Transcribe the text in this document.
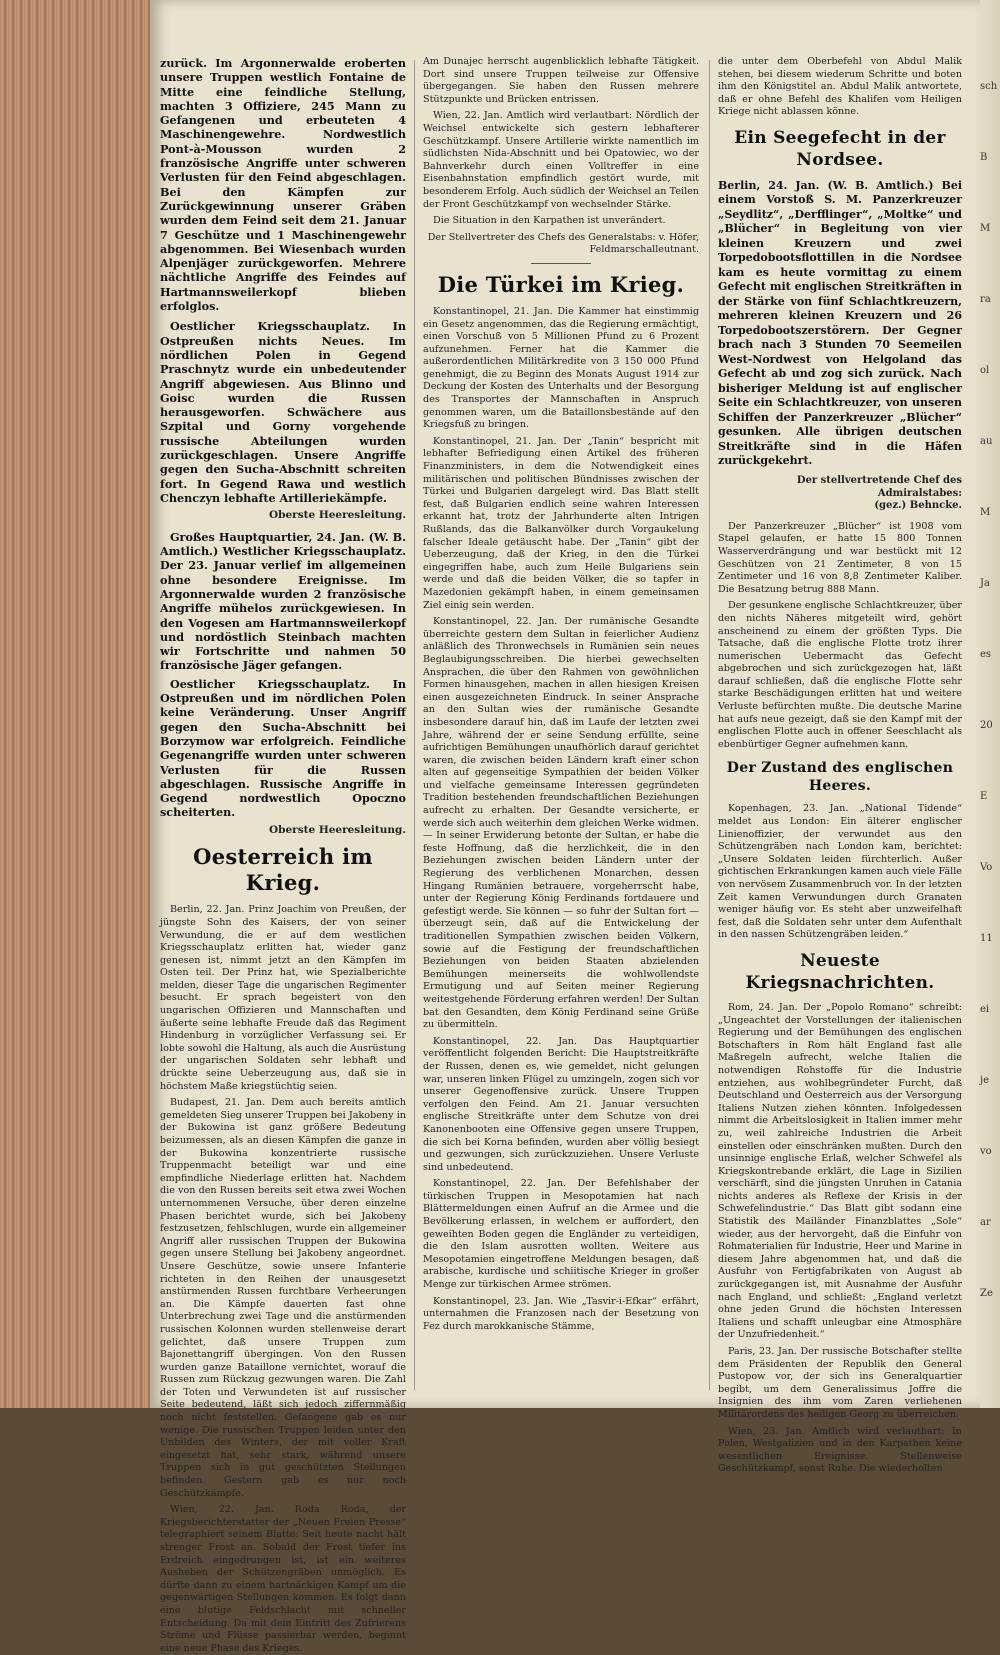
zurück. Im Argonnerwalde eroberten unsere Truppen westlich Fontaine de Mitte eine feindliche Stellung, machten 3 Offiziere, 245 Mann zu Gefangenen und erbeuteten 4 Maschinengewehre. Nordwestlich Pont-à-Mousson wurden 2 französische Angriffe unter schweren Verlusten für den Feind abgeschlagen. Bei den Kämpfen zur Zurückgewinnung unserer Gräben wurden dem Feind seit dem 21. Januar 7 Geschütze und 1 Maschinengewehr abgenommen. Bei Wiesenbach wurden Alpenjäger zurückgeworfen. Mehrere nächtliche Angriffe des Feindes auf Hartmannsweilerkopf blieben erfolglos.

Oestlicher Kriegsschauplatz. In Ostpreußen nichts Neues. Im nördlichen Polen in Gegend Praschnytz wurde ein unbedeutender Angriff abgewiesen. Aus Blinno und Goisc wurden die Russen herausgeworfen. Schwächere aus Szpital und Gorny vorgehende russische Abteilungen wurden zurückgeschlagen. Unsere Angriffe gegen den Sucha-Abschnitt schreiten fort. In Gegend Rawa und westlich Chenczyn lebhafte Artilleriekämpfe.

Oberste Heeresleitung.

Großes Hauptquartier, 24. Jan. (W. B. Amtlich.) Westlicher Kriegsschauplatz. Der 23. Januar verlief im allgemeinen ohne besondere Ereignisse. Im Argonnerwalde wurden 2 französische Angriffe mühelos zurückgewiesen. In den Vogesen am Hartmannsweilerkopf und nordöstlich Steinbach machten wir Fortschritte und nahmen 50 französische Jäger gefangen.

Oestlicher Kriegsschauplatz. In Ostpreußen und im nördlichen Polen keine Veränderung. Unser Angriff gegen den Sucha-Abschnitt bei Borzymow war erfolgreich. Feindliche Gegenangriffe wurden unter schweren Verlusten für die Russen abgeschlagen. Russische Angriffe in Gegend nordwestlich Opoczno scheiterten.

Oberste Heeresleitung.

Oesterreich im Krieg.

Berlin, 22. Jan. Prinz Joachim von Preußen, der jüngste Sohn des Kaisers, der von seiner Verwundung, die er auf dem westlichen Kriegsschauplatz erlitten hat, wieder ganz genesen ist, nimmt jetzt an den Kämpfen im Osten teil. Der Prinz hat, wie Spezialberichte melden, dieser Tage die ungarischen Regimenter besucht. Er sprach begeistert von den ungarischen Offizieren und Mannschaften und äußerte seine lebhafte Freude daß das Regiment Hindenburg in vorzüglicher Verfassung sei. Er lobte sowohl die Haltung, als auch die Ausrüstung der ungarischen Soldaten sehr lebhaft und drückte seine Ueberzeugung aus, daß sie in höchstem Maße kriegstüchtig seien.

Budapest, 21. Jan. Dem auch bereits amtlich gemeldeten Sieg unserer Truppen bei Jakobeny in der Bukowina ist ganz größere Bedeutung beizumessen, als an diesen Kämpfen die ganze in der Bukowina konzentrierte russische Truppenmacht beteiligt war und eine empfindliche Niederlage erlitten hat. Nachdem die von den Russen bereits seit etwa zwei Wochen unternommenen Versuche, über deren einzelne Phasen berichtet wurde, sich bei Jakobeny festzusetzen, fehlschlugen, wurde ein allgemeiner Angriff aller russischen Truppen der Bukowina gegen unsere Stellung bei Jakobeny angeordnet. Unsere Geschütze, sowie unsere Infanterie richteten in den Reihen der unausgesetzt anstürmenden Russen furchtbare Verheerungen an. Die Kämpfe dauerten fast ohne Unterbrechung zwei Tage und die anstürmenden russischen Kolonnen wurden stellenweise derart gelichtet, daß unsere Truppen zum Bajonettangriff übergingen. Von den Russen wurden ganze Bataillone vernichtet, worauf die Russen zum Rückzug gezwungen waren. Die Zahl der Toten und Verwundeten ist auf russischer Seite bedeutend, läßt sich jedoch ziffernmäßig noch nicht feststellen. Gefangene gab es nur wenige. Die russischen Truppen leiden unter den Unbilden des Winters, der mit voller Kraft eingesetzt hat, sehr stark, während unsere Truppen sich in gut geschützten Stellungen befinden. Gestern gab es nur noch Geschützkämpfe.

Wien, 22. Jan. Roda Roda, der Kriegsberichterstatter der „Neuen Freien Presse“ telegraphiert seinem Blatte: Seit heute nacht hält strenger Frost an. Sobald der Frost tiefer ins Erdreich eingedrungen ist, ist ein weiteres Ausheben der Schützengräben unmöglich. Es dürfte dann zu einem hartnäckigen Kampf um die gegenwärtigen Stellungen kommen. Es folgt dann eine blutige Feldschlacht mit schneller Entscheidung. Da mit dem Eintritt des Zufrierens Ströme und Flüsse passierbar werden, beginnt eine neue Phase des Krieges.

Am Dunajec herrscht augenblicklich lebhafte Tätigkeit. Dort sind unsere Truppen teilweise zur Offensive übergegangen. Sie haben den Russen mehrere Stützpunkte und Brücken entrissen.

Wien, 22. Jan. Amtlich wird verlautbart: Nördlich der Weichsel entwickelte sich gestern lebhafterer Geschützkampf. Unsere Artillerie wirkte namentlich im südlichsten Nida-Abschnitt und bei Opatowiec, wo der Bahnverkehr durch einen Volltreffer in eine Eisenbahnstation empfindlich gestört wurde, mit besonderem Erfolg. Auch südlich der Weichsel an Teilen der Front Geschützkampf von wechselnder Stärke.

Die Situation in den Karpathen ist unverändert.

Der Stellvertreter des Chefs des Generalstabs: v. Höfer, Feldmarschalleutnant.

Die Türkei im Krieg.

Konstantinopel, 21. Jan. Die Kammer hat einstimmig ein Gesetz angenommen, das die Regierung ermächtigt, einen Vorschuß von 5 Millionen Pfund zu 6 Prozent aufzunehmen. Ferner hat die Kammer die außerordentlichen Militärkredite von 3 150 000 Pfund genehmigt, die zu Beginn des Monats August 1914 zur Deckung der Kosten des Unterhalts und der Besorgung des Transportes der Mannschaften in Anspruch genommen waren, um die Bataillonsbestände auf den Kriegsfuß zu bringen.

Konstantinopel, 21. Jan. Der „Tanin“ bespricht mit lebhafter Befriedigung einen Artikel des früheren Finanzministers, in dem die Notwendigkeit eines militärischen und politischen Bündnisses zwischen der Türkei und Bulgarien dargelegt wird. Das Blatt stellt fest, daß Bulgarien endlich seine wahren Interessen erkannt hat, trotz der Jahrhunderte alten Intrigen Rußlands, das die Balkanvölker durch Vorgaukelung falscher Ideale getäuscht habe. Der „Tanin“ gibt der Ueberzeugung, daß der Krieg, in den die Türkei eingegriffen habe, auch zum Heile Bulgariens sein werde und daß die beiden Völker, die so tapfer in Mazedonien gekämpft haben, in einem gemeinsamen Ziel einig sein werden.

Konstantinopel, 22. Jan. Der rumänische Gesandte überreichte gestern dem Sultan in feierlicher Audienz anläßlich des Thronwechsels in Rumänien sein neues Beglaubigungsschreiben. Die hierbei gewechselten Ansprachen, die über den Rahmen von gewöhnlichen Formen hinausgehen, machen in allen hiesigen Kreisen einen ausgezeichneten Eindruck. In seiner Ansprache an den Sultan wies der rumänische Gesandte insbesondere darauf hin, daß im Laufe der letzten zwei Jahre, während der er seine Sendung erfüllte, seine aufrichtigen Bemühungen unaufhörlich darauf gerichtet waren, die zwischen beiden Ländern kraft einer schon alten auf gegenseitige Sympathien der beiden Völker und vielfache gemeinsame Interessen gegründeten Tradition bestehenden freundschaftlichen Beziehungen aufrecht zu erhalten. Der Gesandte versicherte, er werde sich auch weiterhin dem gleichen Werke widmen. — In seiner Erwiderung betonte der Sultan, er habe die feste Hoffnung, daß die herzlichkeit, die in den Beziehungen zwischen beiden Ländern unter der Regierung des verblichenen Monarchen, dessen Hingang Rumänien betrauere, vorgeherrscht habe, unter der Regierung König Ferdinands fortdauere und gefestigt werde. Sie können — so fuhr der Sultan fort — überzeugt sein, daß auf die Entwickelung der traditionellen Sympathien zwischen beiden Völkern, sowie auf die Festigung der freundschaftlichen Beziehungen von beiden Staaten abzielenden Bemühungen meinerseits die wohlwollendste Ermutigung und auf Seiten meiner Regierung weitestgehende Förderung erfahren werden! Der Sultan bat den Gesandten, dem König Ferdinand seine Grüße zu übermitteln.

Konstantinopel, 22. Jan. Das Hauptquartier veröffentlicht folgenden Bericht: Die Hauptstreitkräfte der Russen, denen es, wie gemeldet, nicht gelungen war, unseren linken Flügel zu umzingeln, zogen sich vor unserer Gegenoffensive zurück. Unsere Truppen verfolgen den Feind. Am 21. Januar versuchten englische Streitkräfte unter dem Schutze von drei Kanonenbooten eine Offensive gegen unsere Truppen, die sich bei Korna befinden, wurden aber völlig besiegt und gezwungen, sich zurückzuziehen. Unsere Verluste sind unbedeutend.

Konstantinopel, 22. Jan. Der Befehlshaber der türkischen Truppen in Mesopotamien hat nach Blättermeldungen einen Aufruf an die Armee und die Bevölkerung erlassen, in welchem er auffordert, den geweihten Boden gegen die Engländer zu verteidigen, die den Islam ausrotten wollten. Weitere aus Mesopotamien eingetroffene Meldungen besagen, daß arabische, kurdische und schiitische Krieger in großer Menge zur türkischen Armee strömen.

Konstantinopel, 23. Jan. Wie „Tasvir-i-Efkar“ erfährt, unternahmen die Franzosen nach der Besetzung von Fez durch marokkanische Stämme,

die unter dem Oberbefehl von Abdul Malik stehen, bei diesem wiederum Schritte und boten ihm den Königstitel an. Abdul Malik antwortete, daß er ohne Befehl des Khalifen vom Heiligen Kriege nicht ablassen könne.

Ein Seegefecht in der Nordsee.

Berlin, 24. Jan. (W. B. Amtlich.) Bei einem Vorstoß S. M. Panzerkreuzer „Seydlitz“, „Derfflinger“, „Moltke“ und „Blücher“ in Begleitung von vier kleinen Kreuzern und zwei Torpedobootsflottillen in die Nordsee kam es heute vormittag zu einem Gefecht mit englischen Streitkräften in der Stärke von fünf Schlachtkreuzern, mehreren kleinen Kreuzern und 26 Torpedobootszerstörern. Der Gegner brach nach 3 Stunden 70 Seemeilen West-Nordwest von Helgoland das Gefecht ab und zog sich zurück. Nach bisheriger Meldung ist auf englischer Seite ein Schlachtkreuzer, von unseren Schiffen der Panzerkreuzer „Blücher“ gesunken. Alle übrigen deutschen Streitkräfte sind in die Häfen zurückgekehrt.

Der stellvertretende Chef des Admiralstabes:

(gez.) Behncke.

Der Panzerkreuzer „Blücher“ ist 1908 vom Stapel gelaufen, er hatte 15 800 Tonnen Wasserverdrängung und war bestückt mit 12 Geschützen von 21 Zentimeter, 8 von 15 Zentimeter und 16 von 8,8 Zentimeter Kaliber. Die Besatzung betrug 888 Mann.

Der gesunkene englische Schlachtkreuzer, über den nichts Näheres mitgeteilt wird, gehört anscheinend zu einem der größten Typs. Die Tatsache, daß die englische Flotte trotz ihrer numerischen Uebermacht das Gefecht abgebrochen und sich zurückgezogen hat, läßt darauf schließen, daß die englische Flotte sehr starke Beschädigungen erlitten hat und weitere Verluste befürchten mußte. Die deutsche Marine hat aufs neue gezeigt, daß sie den Kampf mit der englischen Flotte auch in offener Seeschlacht als ebenbürtiger Gegner aufnehmen kann.

Der Zustand des englischen Heeres.

Kopenhagen, 23. Jan. „National Tidende“ meldet aus London: Ein älterer englischer Linienoffizier, der verwundet aus den Schützengräben nach London kam, berichtet: „Unsere Soldaten leiden fürchterlich. Außer gichtischen Erkrankungen kamen auch viele Fälle von nervösem Zusammenbruch vor. In der letzten Zeit kamen Verwundungen durch Granaten weniger häufig vor. Es steht aber unzweifelhaft fest, daß die Soldaten sehr unter dem Aufenthalt in den nassen Schützengräben leiden.“

Neueste Kriegsnachrichten.

Rom, 24. Jan. Der „Popolo Romano“ schreibt: „Ungeachtet der Vorstellungen der italienischen Regierung und der Bemühungen des englischen Botschafters in Rom hält England fast alle Maßregeln aufrecht, welche Italien die notwendigen Rohstoffe für die Industrie entziehen, aus wohlbegründeter Furcht, daß Deutschland und Oesterreich aus der Versorgung Italiens Nutzen ziehen könnten. Infolgedessen nimmt die Arbeitslosigkeit in Italien immer mehr zu, weil zahlreiche Industrien die Arbeit einstellen oder einschränken mußten. Durch den unsinnige englische Erlaß, welcher Schwefel als Kriegskontrebande erklärt, die Lage in Sizilien verschärft, sind die jüngsten Unruhen in Catania nichts anderes als Reflexe der Krisis in der Schwefelindustrie.“ Das Blatt gibt sodann eine Statistik des Mailänder Finanzblattes „Sole“ wieder, aus der hervorgeht, daß die Einfuhr von Rohmaterialien für Industrie, Heer und Marine in diesem Jahre abgenommen hat, und daß die Ausfuhr von Fertigfabrikaten von August ab zurückgegangen ist, mit Ausnahme der Ausfuhr nach England, und schließt: „England verletzt ohne jeden Grund die höchsten Interessen Italiens und schafft unleugbar eine Atmosphäre der Unzufriedenheit.“

Paris, 23. Jan. Der russische Botschafter stellte dem Präsidenten der Republik den General Pustopow vor, der sich ins Generalquartier begibt, um dem Generalissimus Joffre die Insignien des ihm vom Zaren verliehenen Militärordens des heiligen Georg zu überreichen.

Wien, 23. Jan. Amtlich wird verlautbart: In Polen, Westgalizien und in den Karpathen keine wesentlichen Ereignisse. Stellenweise Geschützkampf, sonst Ruhe. Die wiederholten

sch
B
M
ra
ol
au
M
Ja
es
20
E
Vo
11
ei
je
vo
ar
Ze
